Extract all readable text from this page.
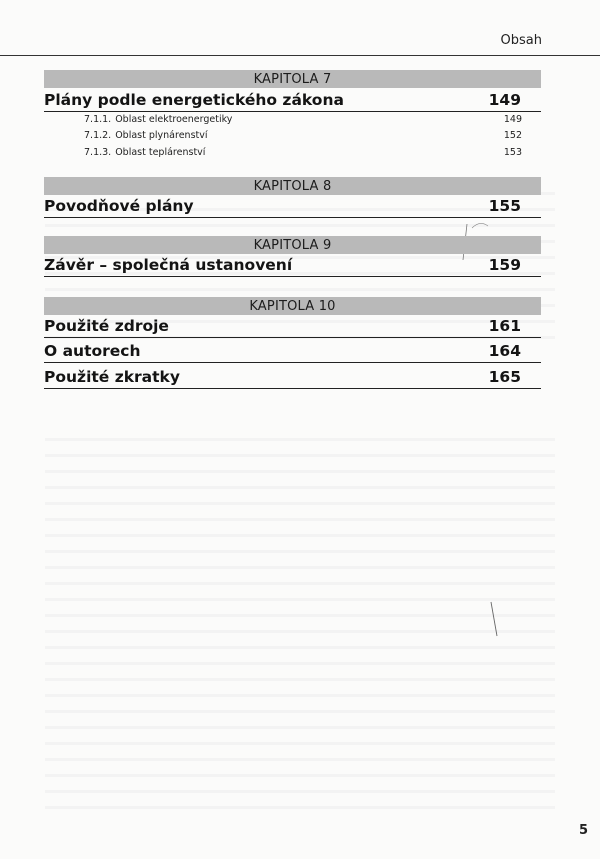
Obsah
KAPITOLA 7
Plány podle energetického zákona	149
7.1.1. Oblast elektroenergetiky	149
7.1.2. Oblast plynárenství	152
7.1.3. Oblast teplárenství	153
KAPITOLA 8
Povodňové plány	155
KAPITOLA 9
Závěr – společná ustanovení	159
KAPITOLA 10
Použité zdroje	161
O autorech	164
Použité zkratky	165
5
